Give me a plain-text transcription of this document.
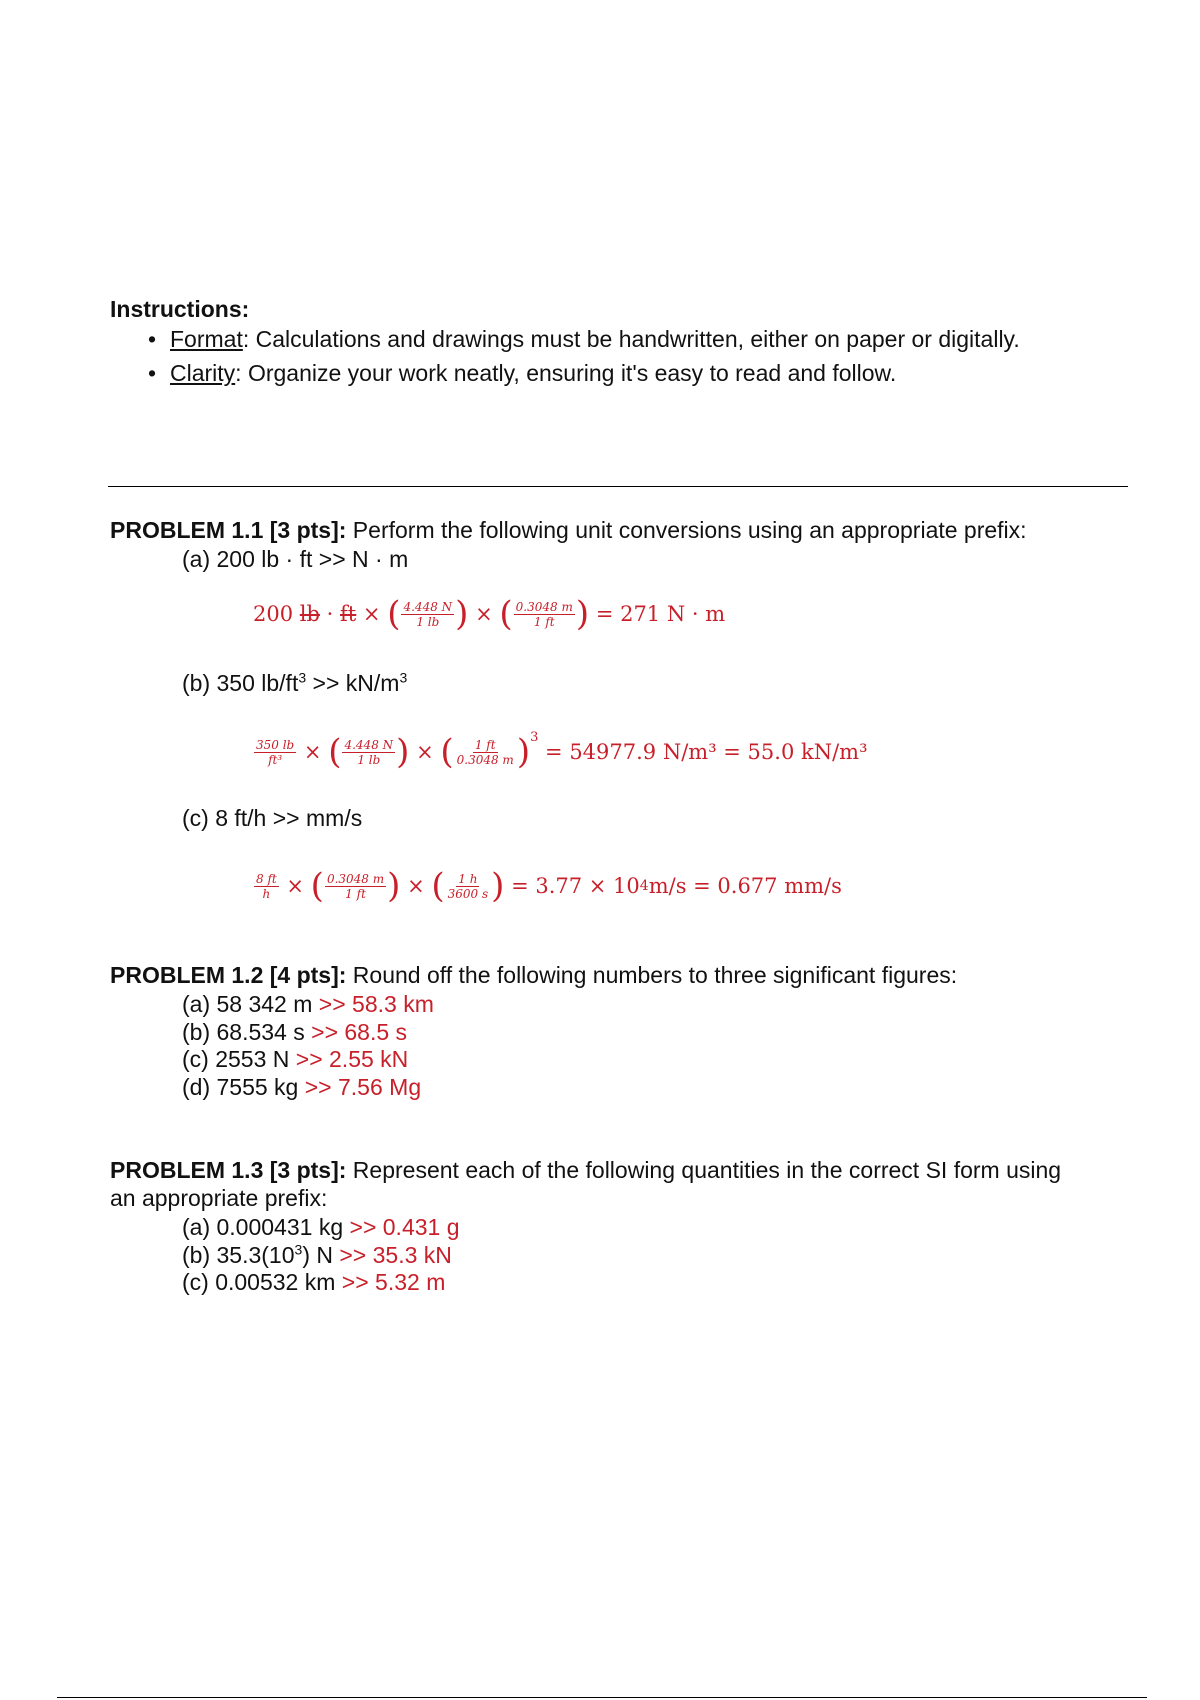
Instructions:
• Format : Calculations and drawings must be handwritten, either on paper or digitally.
• Clarity : Organize your work neatly, ensuring it's easy to read and follow.
PROBLEM 1.1 [3 pts]: Perform the following unit conversions using an appropriate prefix:
(a) 200 lb · ft >> N · m
200
lb
·
ft
×
( $\frac{4.448 N}{1 lb}$ )
×
( $\frac{0.3048 m}{1 ft}$ )
= 271 N · m
(b) 350 $lb/ft^3 >> kN/m^3$
$\frac{350 lb}{\text{ft³}}$ × ( $\frac{4.448 N}{1 lb}$ ) × ( $\frac{1 ft}{0.3048 m} )^3$

= 54977.9 N/m³ = 55.0 kN/m³
(c) 8 ft/h >> mm/s
$\frac{8 ft}{h}$ × ( $\frac{0.3048 m}{1 ft}$ ) × ( $\frac{1 h}{3600 s}$ )
= 3.77 × 10 4 m/s = 0.677 mm/s
PROBLEM 1.2 [4 pts]: Round off the following numbers to three significant figures:
(a) 58 342 m >> 58.3 km
(b) 68.534 s >> 68.5 s
(c) 2553 N >> 2.55 kN
(d) 7555 kg >> 7.56 Mg
PROBLEM 1.3 [3 pts]: Represent each of the following quantities in the correct SI form using
an appropriate prefix:
(a) 0.000431 kg >> 0.431 g
(b) $35.3(10^3) N >> 35.3$ kN
(c) 0.00532 km >> 5.32 m
